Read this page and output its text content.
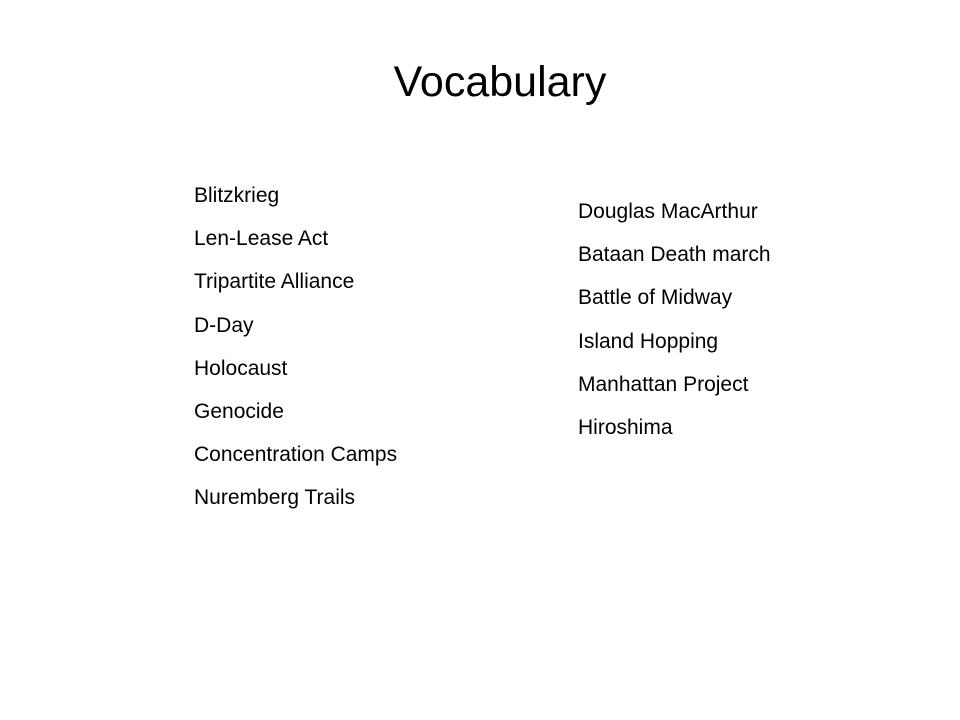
Vocabulary
Blitzkrieg
Len-Lease Act
Tripartite Alliance
D-Day
Holocaust
Genocide
Concentration Camps
Nuremberg Trails
Douglas MacArthur
Bataan Death march
Battle of Midway
Island Hopping
Manhattan Project
Hiroshima
